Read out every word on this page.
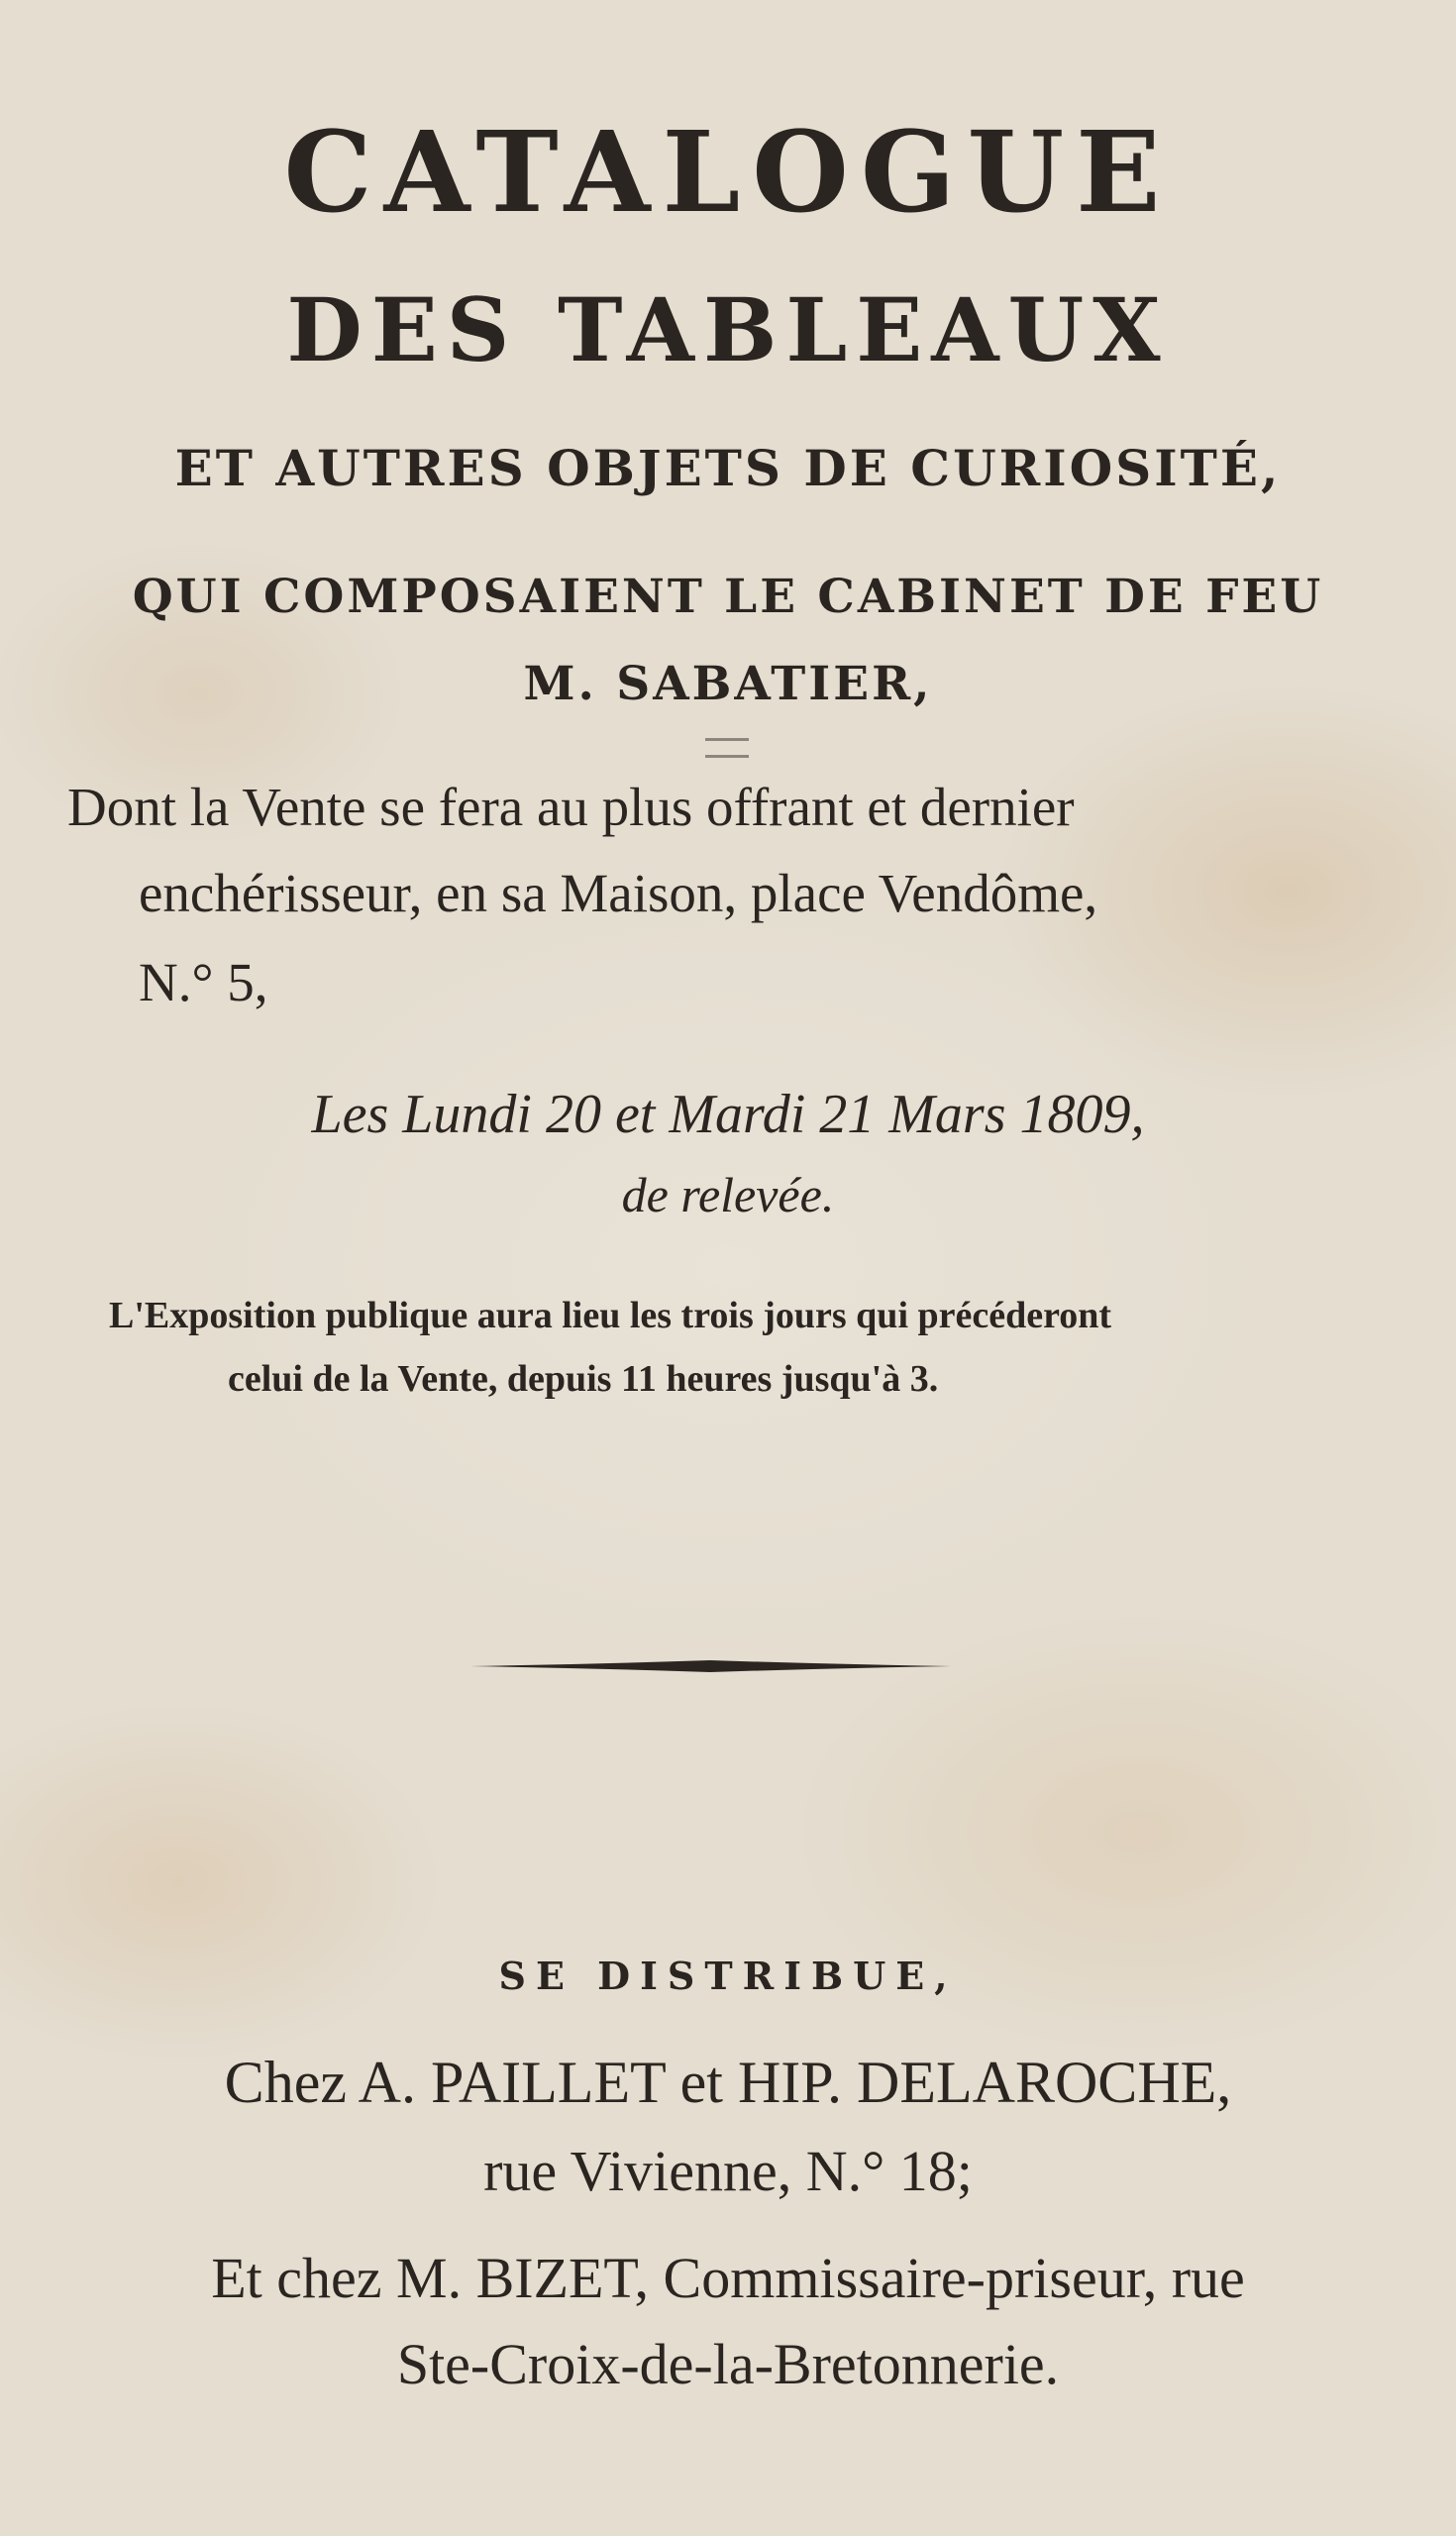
CATALOGUE
DES TABLEAUX
ET AUTRES OBJETS DE CURIOSITÉ,
QUI COMPOSAIENT LE CABINET DE FEU
M. SABATIER,
Dont la Vente se fera au plus offrant et dernier
enchérisseur, en sa Maison, place Vendôme,
N.° 5,
Les Lundi 20 et Mardi 21 Mars 1809,
de relevée.
L'Exposition publique aura lieu les trois jours qui précéderont
celui de la Vente, depuis 11 heures jusqu'à 3.
SE DISTRIBUE,
Chez A. PAILLET et HIP. DELAROCHE,
rue Vivienne, N.° 18;
Et chez M. BIZET, Commissaire-priseur, rue
Ste-Croix-de-la-Bretonnerie.
